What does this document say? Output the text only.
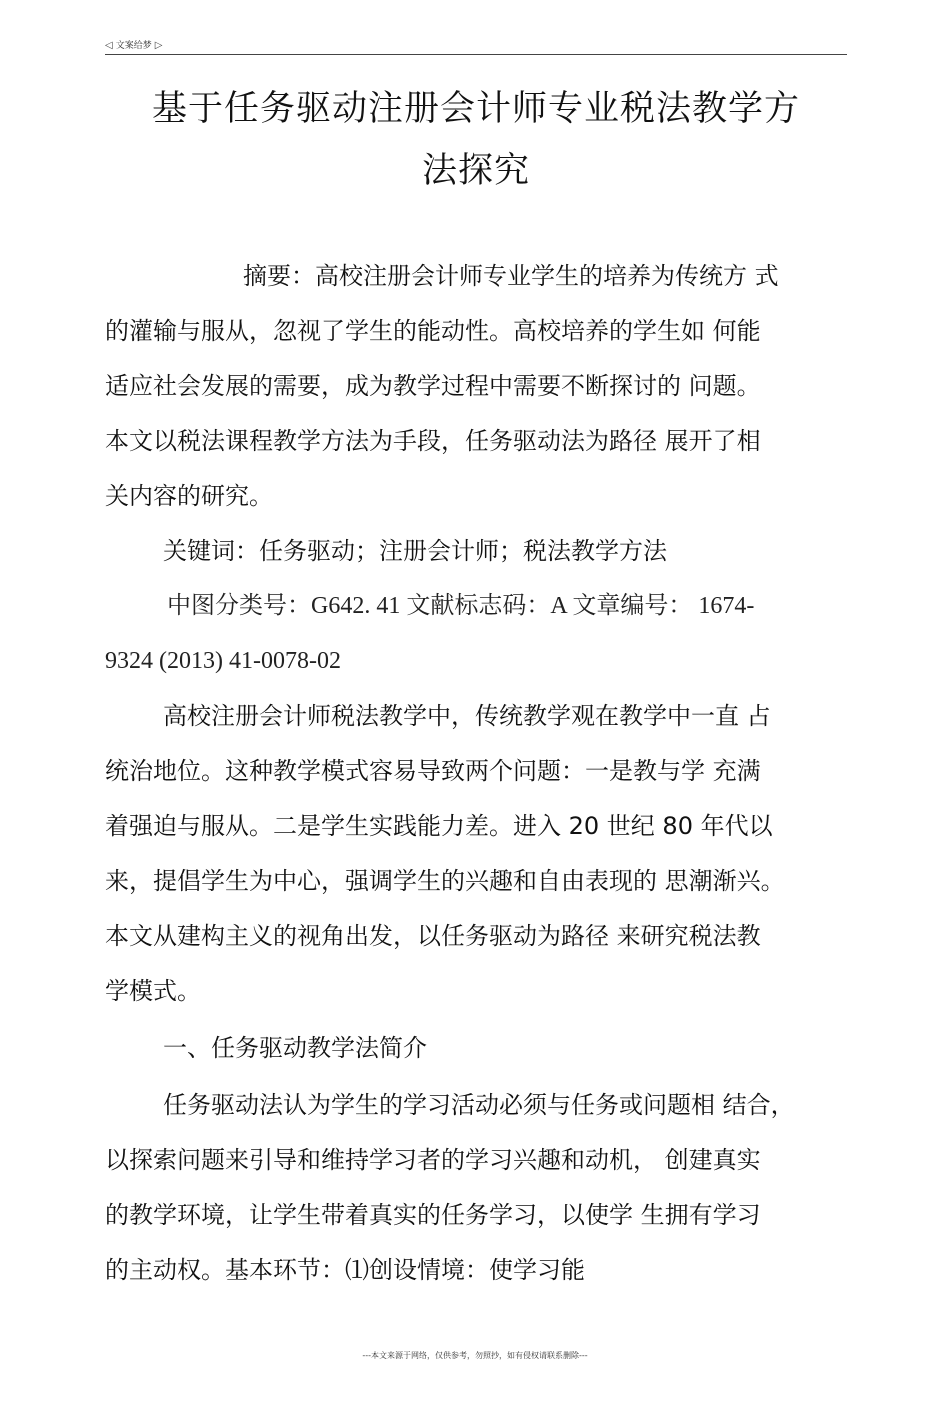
◁ 文案给梦 ▷
基于任务驱动注册会计师专业税法教学方
法探究
摘要：高校注册会计师专业学生的培养为传统方 式
的灌输与服从，忽视了学生的能动性。高校培养的学生如 何能
适应社会发展的需要，成为教学过程中需要不断探讨的 问题。
本文以税法课程教学方法为手段，任务驱动法为路径 展开了相
关内容的研究。
关键词：任务驱动；注册会计师；税法教学方法
中图分类号：G642. 41 文献标志码：A 文章编号： 1674-
9324 (2013) 41-0078-02
高校注册会计师税法教学中，传统教学观在教学中一直 占
统治地位。这种教学模式容易导致两个问题：一是教与学 充满
着强迫与服从。二是学生实践能力差。进入 20 世纪 80 年代以
来，提倡学生为中心，强调学生的兴趣和自由表现的 思潮渐兴。
本文从建构主义的视角出发，以任务驱动为路径 来研究税法教
学模式。
一、任务驱动教学法简介
任务驱动法认为学生的学习活动必须与任务或问题相 结合，
以探索问题来引导和维持学习者的学习兴趣和动机， 创建真实
的教学环境，让学生带着真实的任务学习，以使学 生拥有学习
的主动权。基本环节：⑴创设情境：使学习能
---本文来源于网络，仅供参考，勿照抄，如有侵权请联系删除---
